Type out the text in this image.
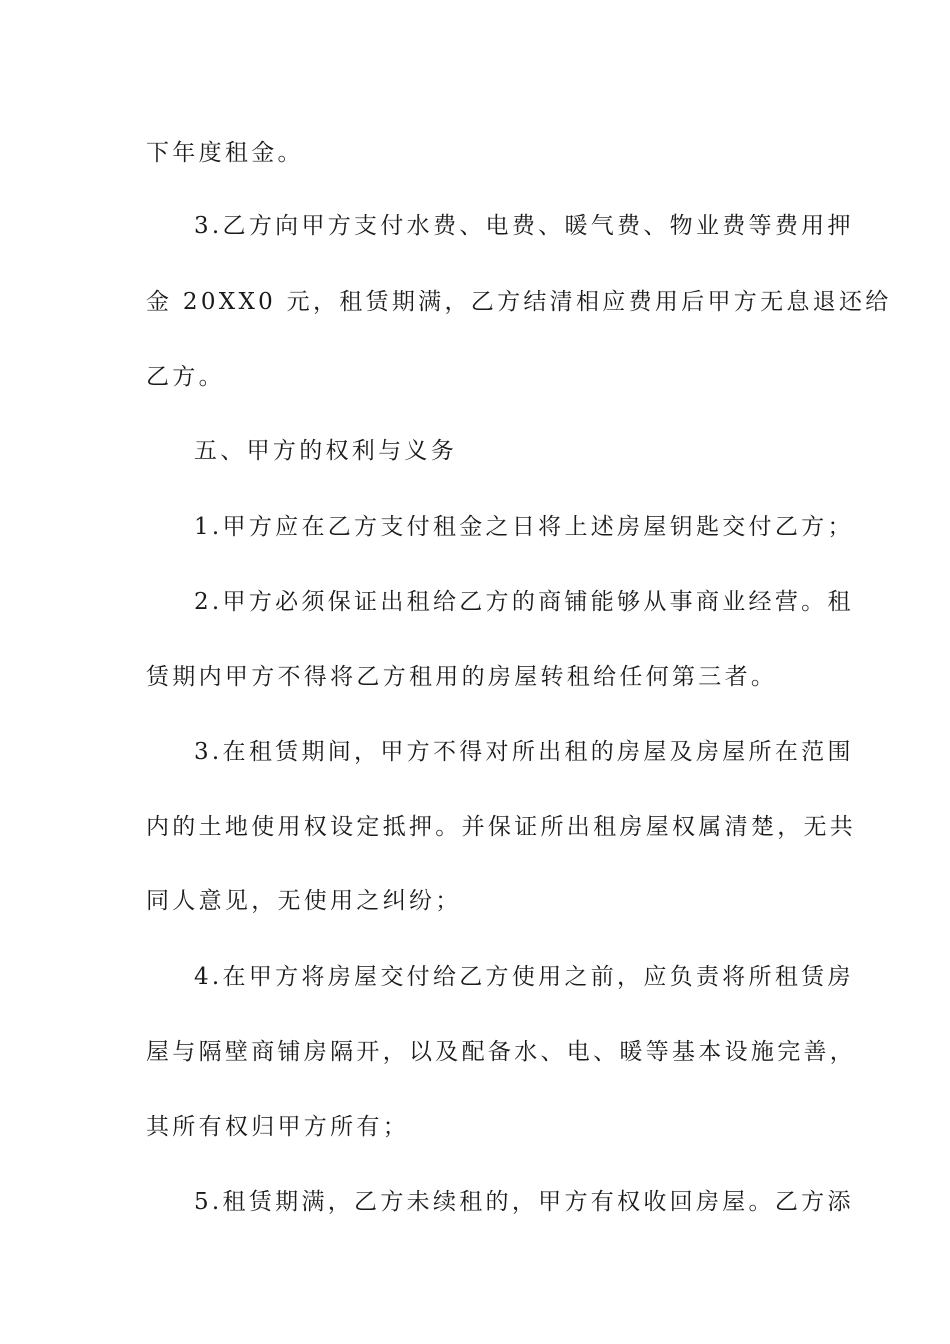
下年度租金。
3.乙方向甲方支付水费、电费、暖气费、物业费等费用押
金 20XX0 元，租赁期满，乙方结清相应费用后甲方无息退还给
乙方。
五、甲方的权利与义务
1.甲方应在乙方支付租金之日将上述房屋钥匙交付乙方；
2.甲方必须保证出租给乙方的商铺能够从事商业经营。租
赁期内甲方不得将乙方租用的房屋转租给任何第三者。
3.在租赁期间，甲方不得对所出租的房屋及房屋所在范围
内的土地使用权设定抵押。并保证所出租房屋权属清楚，无共
同人意见，无使用之纠纷；
4.在甲方将房屋交付给乙方使用之前，应负责将所租赁房
屋与隔壁商铺房隔开，以及配备水、电、暖等基本设施完善，
其所有权归甲方所有；
5.租赁期满，乙方未续租的，甲方有权收回房屋。乙方添
